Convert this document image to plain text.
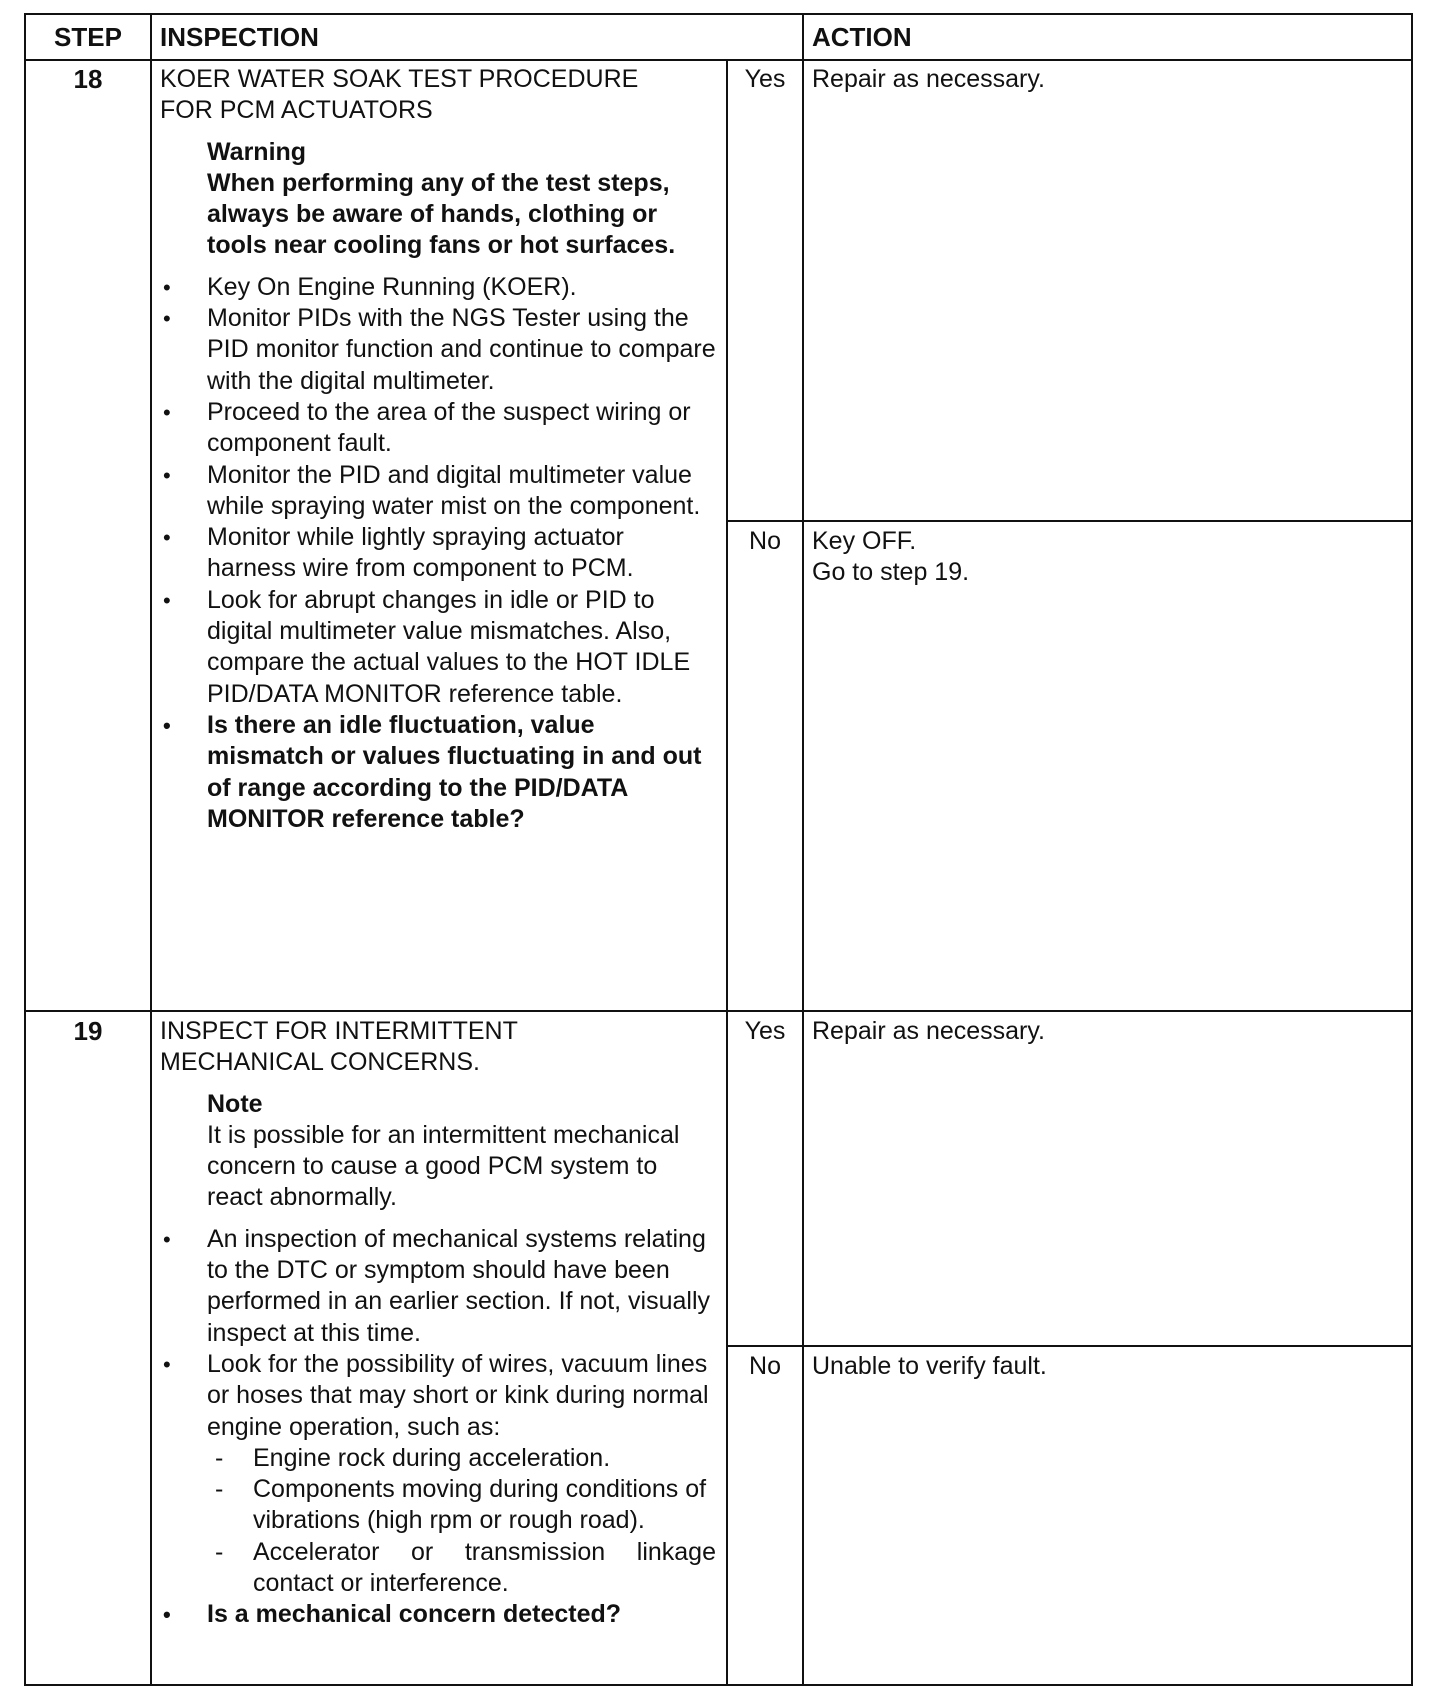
STEP	INSPECTION	ACTION
18	KOER WATER SOAK TEST PROCEDURE
FOR PCM ACTUATORS
Warning
When performing any of the test steps, always be aware of hands, clothing or tools near cooling fans or hot surfaces.
• Key On Engine Running (KOER).
• Monitor PIDs with the NGS Tester using the PID monitor function and continue to compare with the digital multimeter.
• Proceed to the area of the suspect wiring or component fault.
• Monitor the PID and digital multimeter value while spraying water mist on the component.
• Monitor while lightly spraying actuator harness wire from component to PCM.
• Look for abrupt changes in idle or PID to digital multimeter value mismatches. Also, compare the actual values to the HOT IDLE PID/DATA MONITOR reference table.
• Is there an idle fluctuation, value mismatch or values fluctuating in and out of range according to the PID/DATA MONITOR reference table?
Yes	Repair as necessary.
No	Key OFF.
Go to step 19.
19	INSPECT FOR INTERMITTENT
MECHANICAL CONCERNS.
Note
It is possible for an intermittent mechanical concern to cause a good PCM system to react abnormally.
• An inspection of mechanical systems relating to the DTC or symptom should have been performed in an earlier section. If not, visually inspect at this time.
• Look for the possibility of wires, vacuum lines or hoses that may short or kink during normal engine operation, such as:
- Engine rock during acceleration.
- Components moving during conditions of vibrations (high rpm or rough road).
- Accelerator or transmission linkage contact or interference.
• Is a mechanical concern detected?
Yes	Repair as necessary.
No	Unable to verify fault.
